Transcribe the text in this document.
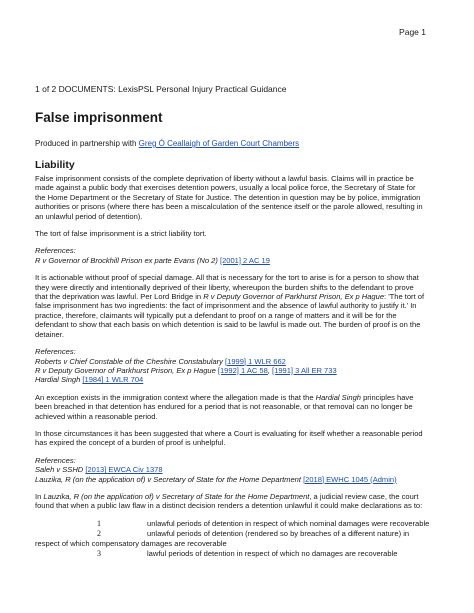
Page 1
1 of 2 DOCUMENTS: LexisPSL Personal Injury Practical Guidance
False imprisonment
Produced in partnership with Greg Ó Ceallaigh of Garden Court Chambers
Liability

False imprisonment consists of the complete deprivation of liberty without a lawful basis. Claims will in practice be made against a public body that exercises detention powers, usually a local police force, the Secretary of State for the Home Department or the Secretary of State for Justice. The detention in question may be by police, immigration authorities or prisons (where there has been a miscalculation of the sentence itself or the parole allowed, resulting in an unlawful period of detention).

The tort of false imprisonment is a strict liability tort.

References:
R v Governor of Brockhill Prison ex parte Evans (No 2) [2001] 2 AC 19

It is actionable without proof of special damage. All that is necessary for the tort to arise is for a person to show that they were directly and intentionally deprived of their liberty, whereupon the burden shifts to the defendant to prove that the deprivation was lawful. Per Lord Bridge in R v Deputy Governor of Parkhurst Prison, Ex p Hague: 'The tort of false imprisonment has two ingredients: the fact of imprisonment and the absence of lawful authority to justify it.' In practice, therefore, claimants will typically put a defendant to proof on a range of matters and it will be for the defendant to show that each basis on which detention is said to be lawful is made out. The burden of proof is on the detainer.

References:
Roberts v Chief Constable of the Cheshire Constabulary [1999] 1 WLR 662
R v Deputy Governor of Parkhurst Prison, Ex p Hague [1992] 1 AC 58, [1991] 3 All ER 733
Hardial Singh [1984] 1 WLR 704

An exception exists in the immigration context where the allegation made is that the Hardial Singh principles have been breached in that detention has endured for a period that is not reasonable, or that removal can no longer be achieved within a reasonable period.

In those circumstances it has been suggested that where a Court is evaluating for itself whether a reasonable period has expired the concept of a burden of proof is unhelpful.

References:
Saleh v SSHD [2013] EWCA Civ 1378
Lauzika, R (on the application of) v Secretary of State for the Home Department [2018] EWHC 1045 (Admin)

In Lauzika, R (on the application of) v Secretary of State for the Home Department, a judicial review case, the court found that when a public law flaw in a distinct decision renders a detention unlawful it could make declarations as to:

1	unlawful periods of detention in respect of which nominal damages were recoverable
2	unlawful periods of detention (rendered so by breaches of a different nature) in
respect of which compensatory damages are recoverable
3	lawful periods of detention in respect of which no damages are recoverable
